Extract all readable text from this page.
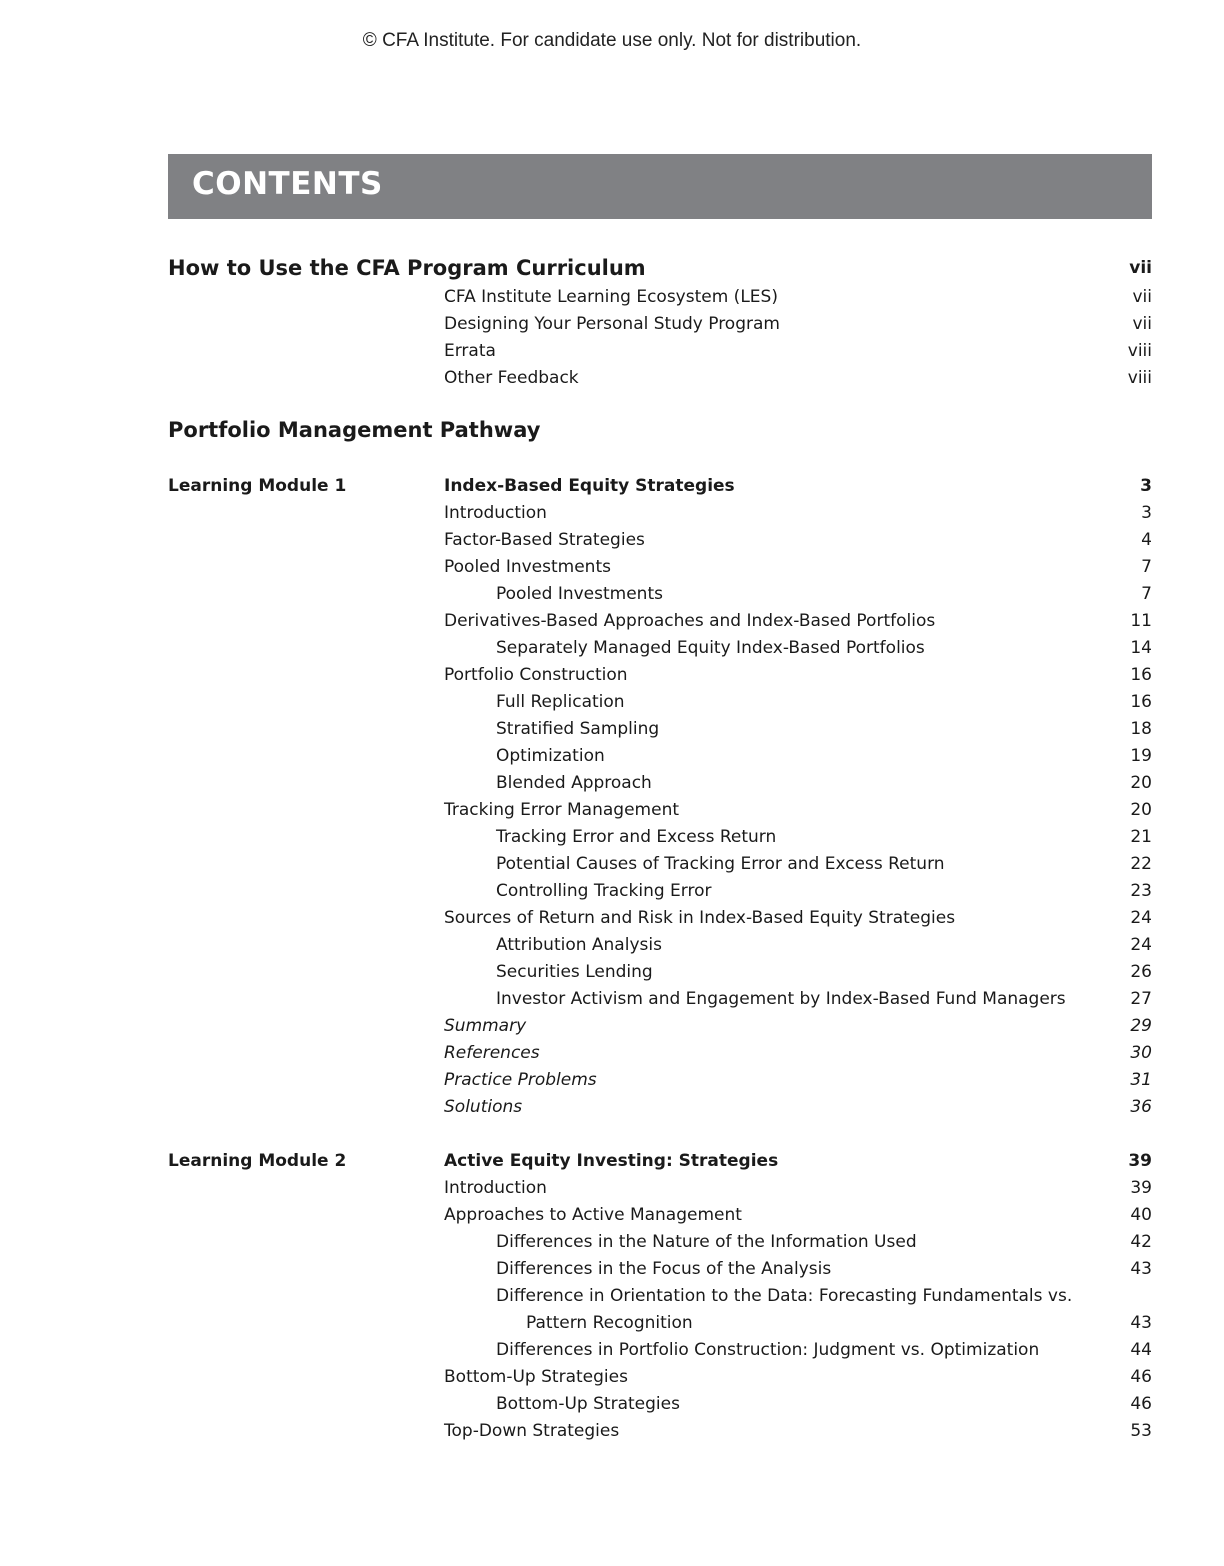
© CFA Institute. For candidate use only. Not for distribution.
CONTENTS
How to Use the CFA Program Curriculum	vii
CFA Institute Learning Ecosystem (LES)	vii
Designing Your Personal Study Program	vii
Errata	viii
Other Feedback	viii
Portfolio Management Pathway
Learning Module 1	Index-Based Equity Strategies	3
Introduction	3
Factor-Based Strategies	4
Pooled Investments	7
Pooled Investments	7
Derivatives-Based Approaches and Index-Based Portfolios	11
Separately Managed Equity Index-Based Portfolios	14
Portfolio Construction	16
Full Replication	16
Stratified Sampling	18
Optimization	19
Blended Approach	20
Tracking Error Management	20
Tracking Error and Excess Return	21
Potential Causes of Tracking Error and Excess Return	22
Controlling Tracking Error	23
Sources of Return and Risk in Index-Based Equity Strategies	24
Attribution Analysis	24
Securities Lending	26
Investor Activism and Engagement by Index-Based Fund Managers	27
Summary	29
References	30
Practice Problems	31
Solutions	36
Learning Module 2	Active Equity Investing: Strategies	39
Introduction	39
Approaches to Active Management	40
Differences in the Nature of the Information Used	42
Differences in the Focus of the Analysis	43
Difference in Orientation to the Data: Forecasting Fundamentals vs.
Pattern Recognition	43
Differences in Portfolio Construction: Judgment vs. Optimization	44
Bottom-Up Strategies	46
Bottom-Up Strategies	46
Top-Down Strategies	53
